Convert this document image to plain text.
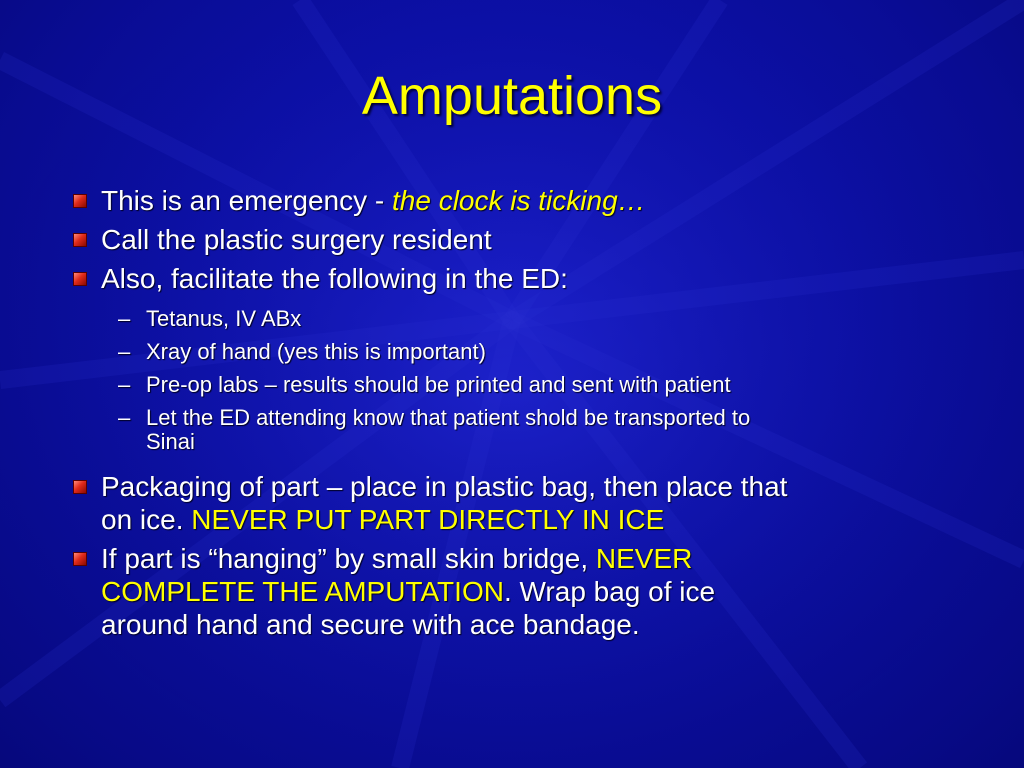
Amputations
This is an emergency - the clock is ticking…
Call the plastic surgery resident
Also, facilitate the following in the ED:
– Tetanus, IV ABx
– Xray of hand (yes this is important)
– Pre-op labs – results should be printed and sent with patient
– Let the ED attending know that patient shold be transported to
Sinai
Packaging of part – place in plastic bag, then place that
on ice. NEVER PUT PART DIRECTLY IN ICE
If part is “hanging” by small skin bridge, NEVER
COMPLETE THE AMPUTATION. Wrap bag of ice
around hand and secure with ace bandage.
